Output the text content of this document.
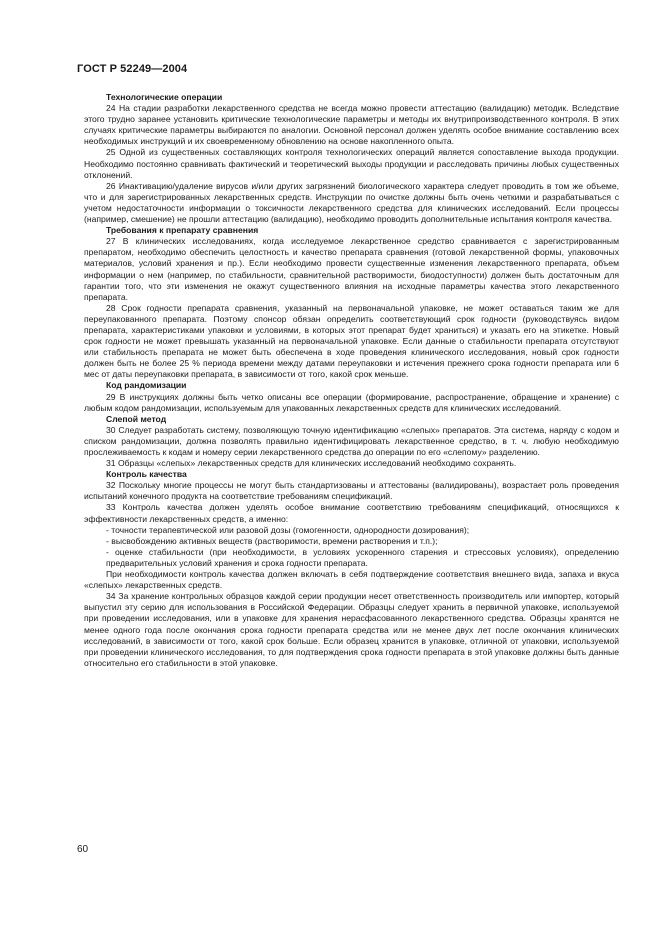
ГОСТ Р 52249—2004
Технологические операции

24 На стадии разработки лекарственного средства не всегда можно провести аттестацию (валидацию) методик. Вследствие этого трудно заранее установить критические технологические параметры и методы их внутрипроизводственного контроля. В этих случаях критические параметры выбираются по аналогии. Основной персонал должен уделять особое внимание составлению всех необходимых инструкций и их своевременному обновлению на основе накопленного опыта.

25 Одной из существенных составляющих контроля технологических операций является сопоставление выхода продукции. Необходимо постоянно сравнивать фактический и теоретический выходы продукции и расследовать причины любых существенных отклонений.

26 Инактивацию/удаление вирусов и/или других загрязнений биологического характера следует проводить в том же объеме, что и для зарегистрированных лекарственных средств. Инструкции по очистке должны быть очень четкими и разрабатываться с учетом недостаточности информации о токсичности лекарственного средства для клинических исследований. Если процессы (например, смешение) не прошли аттестацию (валидацию), необходимо проводить дополнительные испытания контроля качества.

Требования к препарату сравнения

27 В клинических исследованиях, когда исследуемое лекарственное средство сравнивается с зарегистрированным препаратом, необходимо обеспечить целостность и качество препарата сравнения (готовой лекарственной формы, упаковочных материалов, условий хранения и пр.). Если необходимо провести существенные изменения лекарственного препарата, объем информации о нем (например, по стабильности, сравнительной растворимости, биодоступности) должен быть достаточным для гарантии того, что эти изменения не окажут существенного влияния на исходные параметры качества этого лекарственного препарата.

28 Срок годности препарата сравнения, указанный на первоначальной упаковке, не может оставаться таким же для переупакованного препарата. Поэтому спонсор обязан определить соответствующий срок годности (руководствуясь видом препарата, характеристиками упаковки и условиями, в которых этот препарат будет храниться) и указать его на этикетке. Новый срок годности не может превышать указанный на первоначальной упаковке. Если данные о стабильности препарата отсутствуют или стабильность препарата не может быть обеспечена в ходе проведения клинического исследования, новый срок годности должен быть не более 25 % периода времени между датами переупаковки и истечения прежнего срока годности препарата или 6 мес от даты переупаковки препарата, в зависимости от того, какой срок меньше.

Код рандомизации

29 В инструкциях должны быть четко описаны все операции (формирование, распространение, обращение и хранение) с любым кодом рандомизации, используемым для упакованных лекарственных средств для клинических исследований.

Слепой метод

30 Следует разработать систему, позволяющую точную идентификацию «слепых» препаратов. Эта система, наряду с кодом и списком рандомизации, должна позволять правильно идентифицировать лекарственное средство, в т. ч. любую необходимую прослеживаемость к кодам и номеру серии лекарственного средства до операции по его «слепому» разделению.

31 Образцы «слепых» лекарственных средств для клинических исследований необходимо сохранять.

Контроль качества

32 Поскольку многие процессы не могут быть стандартизованы и аттестованы (валидированы), возрастает роль проведения испытаний конечного продукта на соответствие требованиям спецификаций.

33 Контроль качества должен уделять особое внимание соответствию требованиям спецификаций, относящихся к эффективности лекарственных средств, а именно:

- точности терапевтической или разовой дозы (гомогенности, однородности дозирования);

- высвобождению активных веществ (растворимости, времени растворения и т.п.);

- оценке стабильности (при необходимости, в условиях ускоренного старения и стрессовых условиях), определению предварительных условий хранения и срока годности препарата.

При необходимости контроль качества должен включать в себя подтверждение соответствия внешнего вида, запаха и вкуса «слепых» лекарственных средств.

34 За хранение контрольных образцов каждой серии продукции несет ответственность производитель или импортер, который выпустил эту серию для использования в Российской Федерации. Образцы следует хранить в первичной упаковке, используемой при проведении исследования, или в упаковке для хранения нерасфасованного лекарственного средства. Образцы хранятся не менее одного года после окончания срока годности препарата средства или не менее двух лет после окончания клинических исследований, в зависимости от того, какой срок больше. Если образец хранится в упаковке, отличной от упаковки, используемой при проведении клинического исследования, то для подтверждения срока годности препарата в этой упаковке должны быть данные относительно его стабильности в этой упаковке.

60
